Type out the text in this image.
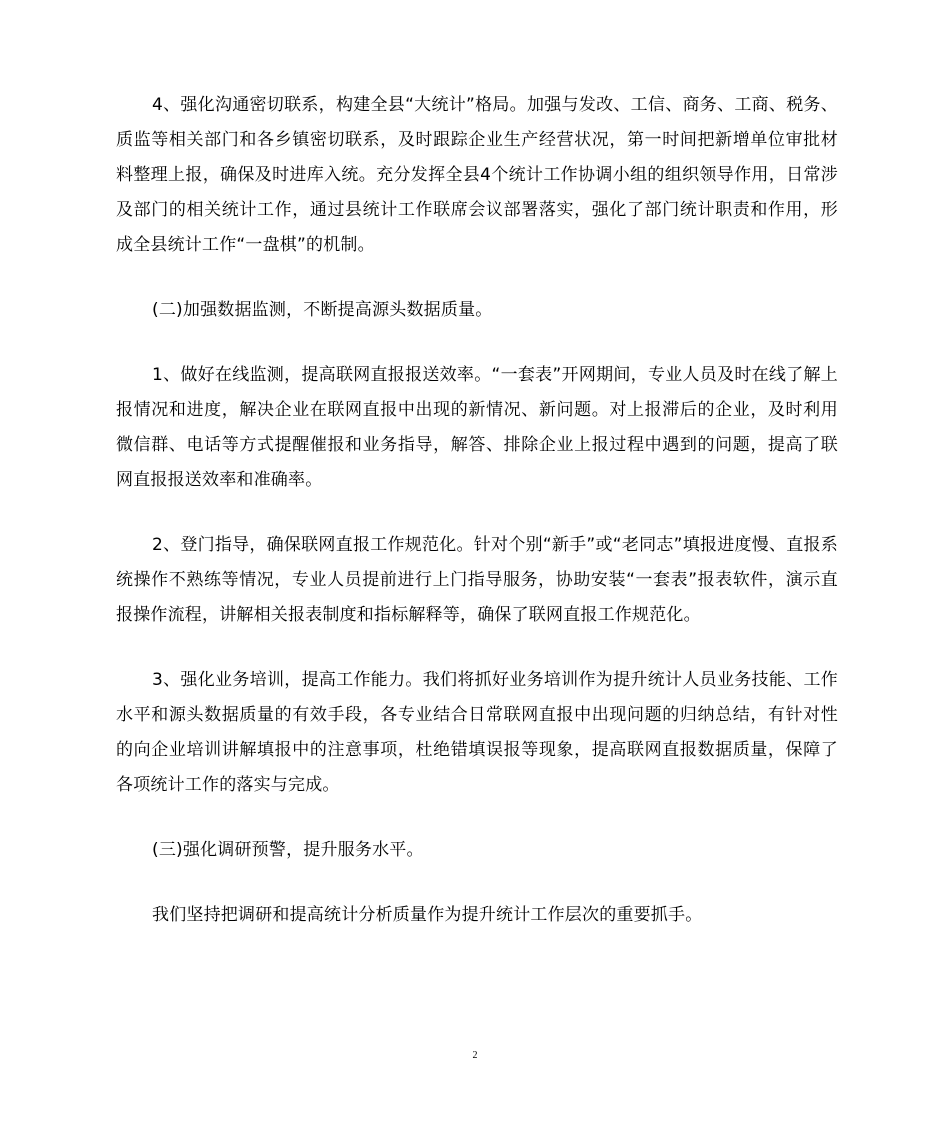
4、强化沟通密切联系，构建全县“大统计”格局。加强与发改、工信、商务、工商、税务、质监等相关部门和各乡镇密切联系，及时跟踪企业生产经营状况，第一时间把新增单位审批材料整理上报，确保及时进库入统。充分发挥全县4个统计工作协调小组的组织领导作用，日常涉及部门的相关统计工作，通过县统计工作联席会议部署落实，强化了部门统计职责和作用，形成全县统计工作“一盘棋”的机制。

(二)加强数据监测，不断提高源头数据质量。

1、做好在线监测，提高联网直报报送效率。“一套表”开网期间，专业人员及时在线了解上报情况和进度，解决企业在联网直报中出现的新情况、新问题。对上报滞后的企业，及时利用微信群、电话等方式提醒催报和业务指导，解答、排除企业上报过程中遇到的问题，提高了联网直报报送效率和准确率。

2、登门指导，确保联网直报工作规范化。针对个别“新手”或“老同志”填报进度慢、直报系统操作不熟练等情况，专业人员提前进行上门指导服务，协助安装“一套表”报表软件，演示直报操作流程，讲解相关报表制度和指标解释等，确保了联网直报工作规范化。

3、强化业务培训，提高工作能力。我们将抓好业务培训作为提升统计人员业务技能、工作水平和源头数据质量的有效手段，各专业结合日常联网直报中出现问题的归纳总结，有针对性的向企业培训讲解填报中的注意事项，杜绝错填误报等现象，提高联网直报数据质量，保障了各项统计工作的落实与完成。

(三)强化调研预警，提升服务水平。

我们坚持把调研和提高统计分析质量作为提升统计工作层次的重要抓手。

2
